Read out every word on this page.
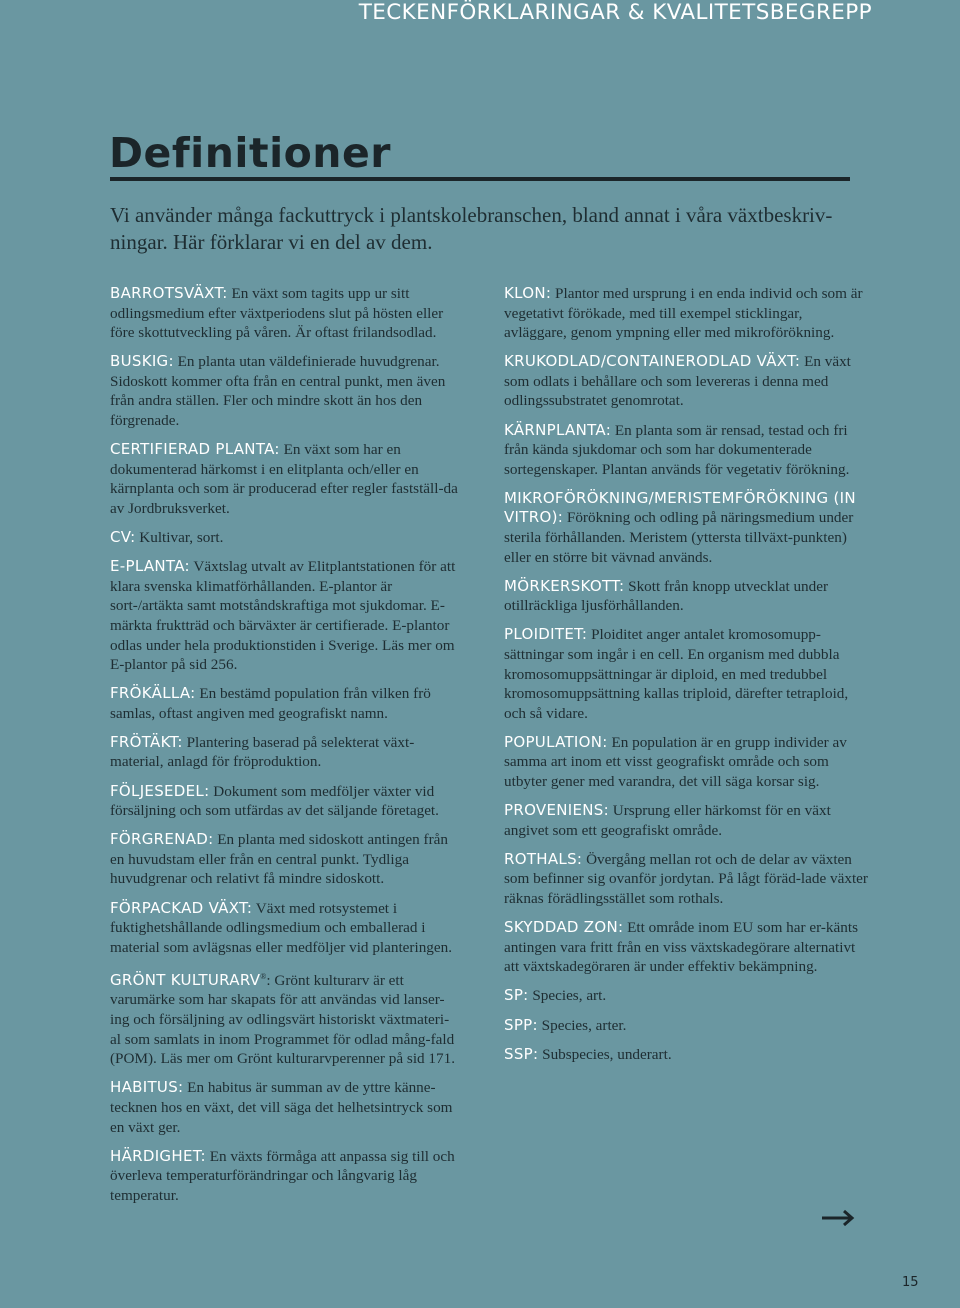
TECKENFÖRKLARINGAR & KVALITETSBEGREPP
Definitioner

Vi använder många fackuttryck i plantskolebranschen, bland annat i våra växtbeskriv-ningar. Här förklarar vi en del av dem.

BARROTSVÄXT: En växt som tagits upp ur sitt odlingsmedium efter växtperiodens slut på hösten eller före skottutveckling på våren. Är oftast frilandsodlad.

BUSKIG: En planta utan väldefinierade huvudgrenar. Sidoskott kommer ofta från en central punkt, men även från andra ställen. Fler och mindre skott än hos den förgrenade.

CERTIFIERAD PLANTA: En växt som har en dokumenterad härkomst i en elitplanta och/eller en kärnplanta och som är producerad efter regler fastställ-da av Jordbruksverket.

CV: Kultivar, sort.

E-PLANTA: Växtslag utvalt av Elitplantstationen för att klara svenska klimatförhållanden. E-plantor är sort-/artäkta samt motståndskraftiga mot sjukdomar. E-märkta fruktträd och bärväxter är certifierade. E-plantor odlas under hela produktionstiden i Sverige. Läs mer om E-plantor på sid 256.

FRÖKÄLLA: En bestämd population från vilken frö samlas, oftast angiven med geografiskt namn.

FRÖTÄKT: Plantering baserad på selekterat växt-material, anlagd för fröproduktion.

FÖLJESEDEL: Dokument som medföljer växter vid försäljning och som utfärdas av det säljande företaget.

FÖRGRENAD: En planta med sidoskott antingen från en huvudstam eller från en central punkt. Tydliga huvudgrenar och relativt få mindre sidoskott.

FÖRPACKAD VÄXT: Växt med rotsystemet i fuktighetshållande odlingsmedium och emballerad i material som avlägsnas eller medföljer vid planteringen.

GRÖNT KULTURARV®: Grönt kulturarv är ett varumärke som har skapats för att användas vid lanser-ing och försäljning av odlingsvärt historiskt växtmateri-al som samlats in inom Programmet för odlad mång-fald (POM). Läs mer om Grönt kulturarvperenner på sid 171.

HABITUS: En habitus är summan av de yttre känne-tecknen hos en växt, det vill säga det helhetsintryck som en växt ger.

HÄRDIGHET: En växts förmåga att anpassa sig till och överleva temperaturförändringar och långvarig låg temperatur.

KLON: Plantor med ursprung i en enda individ och som är vegetativt förökade, med till exempel sticklingar, avläggare, genom ympning eller med mikroförökning.

KRUKODLAD/CONTAINERODLAD VÄXT: En växt som odlats i behållare och som levereras i denna med odlingssubstratet genomrotat.

KÄRNPLANTA: En planta som är rensad, testad och fri från kända sjukdomar och som har dokumenterade sortegenskaper. Plantan används för vegetativ förökning.

MIKROFÖRÖKNING/MERISTEMFÖRÖKNING (IN VITRO): Förökning och odling på näringsmedium under sterila förhållanden. Meristem (yttersta tillväxt-punkten) eller en större bit vävnad används.

MÖRKERSKOTT: Skott från knopp utvecklat under otillräckliga ljusförhållanden.

PLOIDITET: Ploiditet anger antalet kromosomupp-sättningar som ingår i en cell. En organism med dubbla kromosomuppsättningar är diploid, en med tredubbel kromosomuppsättning kallas triploid, därefter tetraploid, och så vidare.

POPULATION: En population är en grupp individer av samma art inom ett visst geografiskt område och som utbyter gener med varandra, det vill säga korsar sig.

PROVENIENS: Ursprung eller härkomst för en växt angivet som ett geografiskt område.

ROTHALS: Övergång mellan rot och de delar av växten som befinner sig ovanför jordytan. På lågt föräd-lade växter räknas förädlingsstället som rothals.

SKYDDAD ZON: Ett område inom EU som har er-känts antingen vara fritt från en viss växtskadegörare alternativt att växtskadegöraren är under effektiv bekämpning.

SP: Species, art.

SPP: Species, arter.

SSP: Subspecies, underart.

15
